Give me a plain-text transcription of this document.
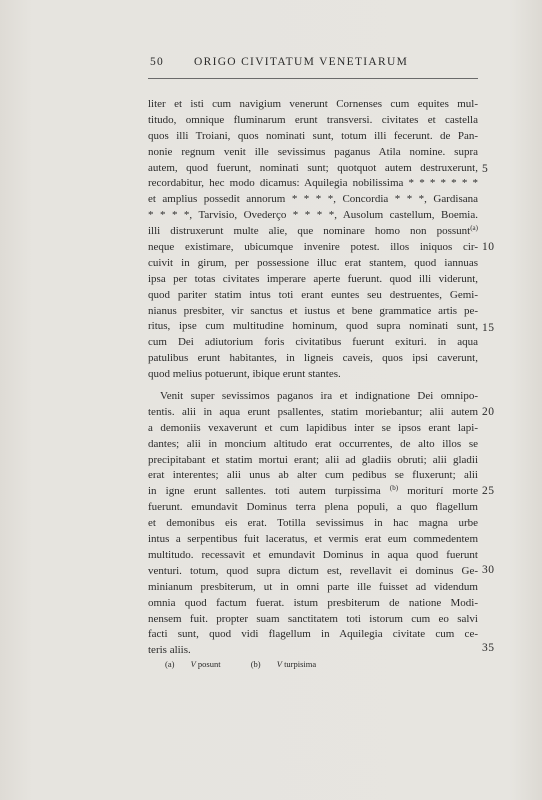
50	ORIGO CIVITATUM VENETIARUM
liter et isti cum navigium venerunt Cornenses cum equites mul-
titudo, omnique fluminarum erunt transversi. civitates et castella
quos illi Troiani, quos nominati sunt, totum illi fecerunt. de Pan-
nonie regnum venit ille sevissimus paganus Atila nomine. supra
autem, quod fuerunt, nominati sunt; quotquot autem destruxerunt,
recordabitur, hec modo dicamus: Aquilegia nobilissima * * * * * * *
et amplius possedit annorum * * * *, Concordia * * *, Gardisana
* * * *, Tarvisio, Ovederço * * * *, Ausolum castellum, Boemia.
illi distruxerunt multe alie, que nominare homo non possunt$^{(a)}$
neque existimare, ubicumque invenire potest. illos iniquos cir-
cuivit in girum, per possessione illuc erat stantem, quod iannuas
ipsa per totas civitates imperare aperte fuerunt. quod illi viderunt,
quod pariter statim intus toti erant euntes seu destruentes, Gemi-
nianus presbiter, vir sanctus et iustus et bene grammatice artis pe-
ritus, ipse cum multitudine hominum, quod supra nominati sunt,
cum Dei adiutorium foris civitatibus fuerunt exituri. in aqua
patulibus erunt habitantes, in ligneis caveis, quos ipsi caverunt,
quod melius potuerunt, ibique erunt stantes.
Venit super sevissimos paganos ira et indignatione Dei omnipo-
tentis. alii in aqua erunt psallentes, statim moriebantur; alii autem
a demoniis vexaverunt et cum lapidibus inter se ipsos erant lapi-
dantes; alii in moncium altitudo erat occurrentes, de alto illos se
precipitabant et statim mortui erant; alii ad gladiis obruti; alii gladii
erat interentes; alii unus ab alter cum pedibus se fluxerunt; alii
in igne erunt sallentes. toti autem turpissima $^{(b)}$ moriturí morte
fuerunt. emundavit Dominus terra plena populi, a quo flagellum
et demonibus eis erat. Totilla sevissimus in hac magna urbe
intus a serpentibus fuit laceratus, et vermis erat eum commedentem
multitudo. recessavit et emundavit Dominus in aqua quod fuerunt
venturi. totum, quod supra dictum est, revellavit ei dominus Ge-
minianum presbiterum, ut in omni parte ille fuisset ad videndum
omnia quod factum fuerat. istum presbiterum de natione Modi-
nensem fuit. propter suam sanctitatem toti istorum cum eo salvi
facti sunt, quod vidi flagellum in Aquilegia civitate cum ce-
teris aliis.
5
10
15
20
25
30
35
(a) V posunt	(b) V turpisima
